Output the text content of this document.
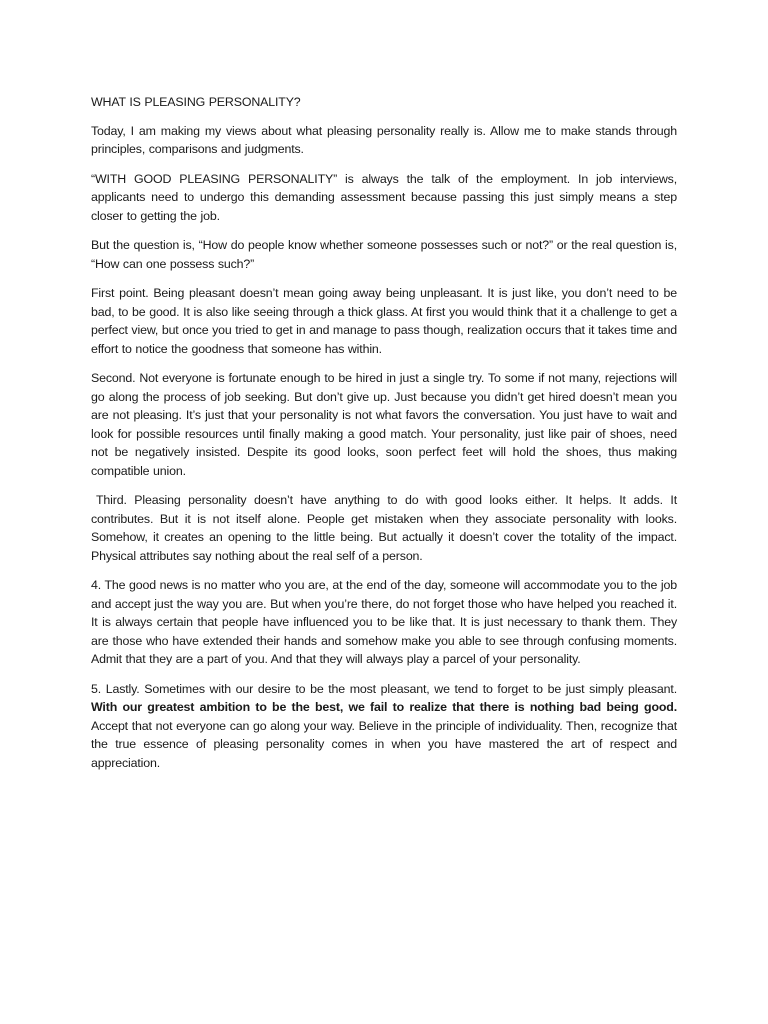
WHAT IS PLEASING PERSONALITY?

Today, I am making my views about what pleasing personality really is. Allow me to make stands through principles, comparisons and judgments.

“WITH GOOD PLEASING PERSONALITY” is always the talk of the employment. In job interviews, applicants need to undergo this demanding assessment because passing this just simply means a step closer to getting the job.

But the question is, “How do people know whether someone possesses such or not?” or the real question is, “How can one possess such?”

First point. Being pleasant doesn’t mean going away being unpleasant. It is just like, you don’t need to be bad, to be good. It is also like seeing through a thick glass. At first you would think that it a challenge to get a perfect view, but once you tried to get in and manage to pass though, realization occurs that it takes time and effort to notice the goodness that someone has within.

Second. Not everyone is fortunate enough to be hired in just a single try. To some if not many, rejections will go along the process of job seeking. But don’t give up. Just because you didn’t get hired doesn’t mean you are not pleasing. It’s just that your personality is not what favors the conversation. You just have to wait and look for possible resources until finally making a good match. Your personality, just like pair of shoes, need not be negatively insisted. Despite its good looks, soon perfect feet will hold the shoes, thus making compatible union.

Third. Pleasing personality doesn’t have anything to do with good looks either. It helps. It adds. It contributes. But it is not itself alone. People get mistaken when they associate personality with looks. Somehow, it creates an opening to the little being. But actually it doesn’t cover the totality of the impact. Physical attributes say nothing about the real self of a person.

4. The good news is no matter who you are, at the end of the day, someone will accommodate you to the job and accept just the way you are. But when you’re there, do not forget those who have helped you reached it. It is always certain that people have influenced you to be like that. It is just necessary to thank them. They are those who have extended their hands and somehow make you able to see through confusing moments. Admit that they are a part of you. And that they will always play a parcel of your personality.

5. Lastly. Sometimes with our desire to be the most pleasant, we tend to forget to be just simply pleasant. With our greatest ambition to be the best, we fail to realize that there is nothing bad being good. Accept that not everyone can go along your way. Believe in the principle of individuality. Then, recognize that the true essence of pleasing personality comes in when you have mastered the art of respect and appreciation.
